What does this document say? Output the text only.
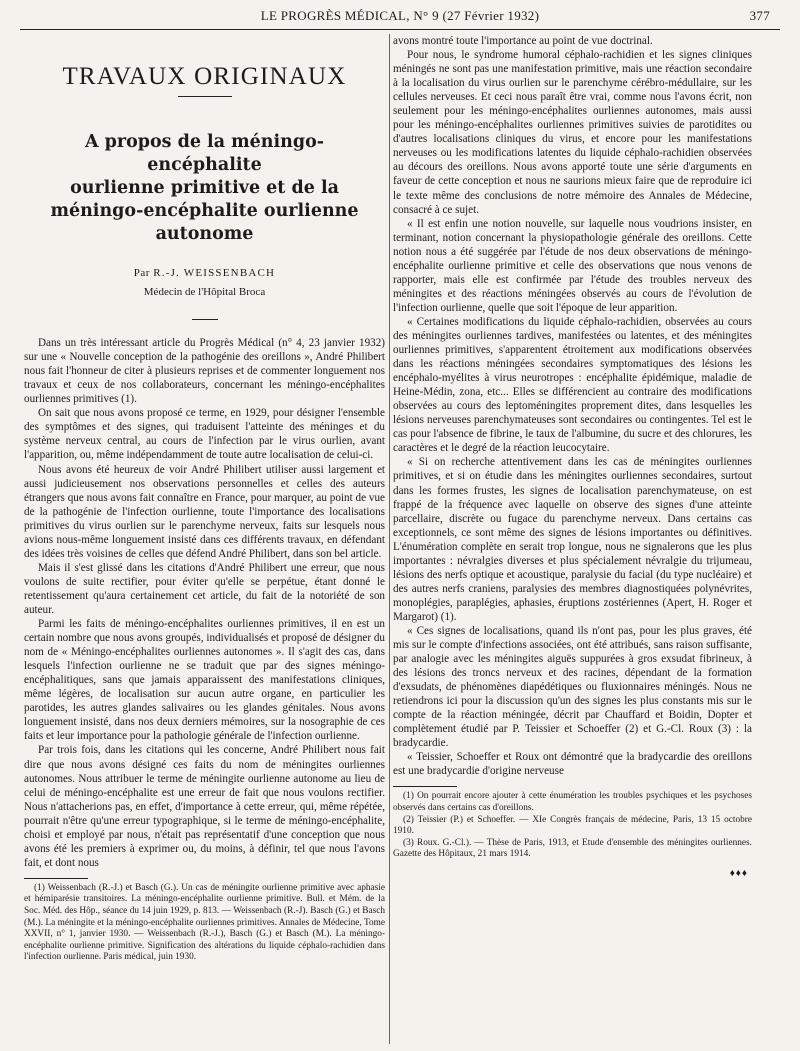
LE PROGRÈS MÉDICAL, N° 9 (27 Février 1932)	377
TRAVAUX ORIGINAUX
A propos de la méningo-encéphalite
ourlienne primitive et de la
méningo-encéphalite ourlienne autonome
Par R.-J. WEISSENBACH
Médecin de l'Hôpital Broca

Dans un très intéressant article du Progrès Médical (n° 4, 23 janvier 1932) sur une « Nouvelle conception de la pathogénie des oreillons », André Philibert nous fait l'honneur de citer à plusieurs reprises et de commenter longuement nos travaux et ceux de nos collaborateurs, concernant les méningo-encéphalites ourliennes primitives (1).

On sait que nous avons proposé ce terme, en 1929, pour désigner l'ensemble des symptômes et des signes, qui traduisent l'atteinte des méninges et du système nerveux central, au cours de l'infection par le virus ourlien, avant l'apparition, ou, même indépendamment de toute autre localisation de celui-ci.

Nous avons été heureux de voir André Philibert utiliser aussi largement et aussi judicieusement nos observations personnelles et celles des auteurs étrangers que nous avons fait connaître en France, pour marquer, au point de vue de la pathogénie de l'infection ourlienne, toute l'importance des localisations primitives du virus ourlien sur le parenchyme nerveux, faits sur lesquels nous avions nous-même longuement insisté dans ces différents travaux, en défendant des idées très voisines de celles que défend André Philibert, dans son bel article.

Mais il s'est glissé dans les citations d'André Philibert une erreur, que nous voulons de suite rectifier, pour éviter qu'elle se perpétue, étant donné le retentissement qu'aura certainement cet article, du fait de la notoriété de son auteur.

Parmi les faits de méningo-encéphalites ourliennes primitives, il en est un certain nombre que nous avons groupés, individualisés et proposé de désigner du nom de « Méningo-encéphalites ourliennes autonomes ». Il s'agit des cas, dans lesquels l'infection ourlienne ne se traduit que par des signes méningo-encéphalitiques, sans que jamais apparaissent des manifestations cliniques, même légères, de localisation sur aucun autre organe, en particulier les parotides, les autres glandes salivaires ou les glandes génitales. Nous avons longuement insisté, dans nos deux derniers mémoires, sur la nosographie de ces faits et leur importance pour la pathologie générale de l'infection ourlienne.

Par trois fois, dans les citations qui les concerne, André Philibert nous fait dire que nous avons désigné ces faits du nom de méningites ourliennes autonomes. Nous attribuer le terme de méningite ourlienne autonome au lieu de celui de méningo-encéphalite est une erreur de fait que nous voulons rectifier. Nous n'attacherions pas, en effet, d'importance à cette erreur, qui, même répétée, pourrait n'être qu'une erreur typographique, si le terme de méningo-encéphalite, choisi et employé par nous, n'était pas représentatif d'une conception que nous avons été les premiers à exprimer ou, du moins, à définir, tel que nous l'avons fait, et dont nous

(1) Weissenbach (R.-J.) et Basch (G.). Un cas de méningite ourlienne primitive avec aphasie et hémiparésie transitoires. La méningo-encéphalite ourlienne primitive. Bull. et Mém. de la Soc. Méd. des Hôp., séance du 14 juin 1929, p. 813. — Weissenbach (R.-J). Basch (G.) et Basch (M.). La méningite et la méningo-encéphalite ourliennes primitives. Annales de Médecine, Tome XXVII, n° 1, janvier 1930. — Weissenbach (R.-J.), Basch (G.) et Basch (M.). La méningo-encéphalite ourlienne primitive. Signification des altérations du liquide céphalo-rachidien dans l'infection ourlienne. Paris médical, juin 1930.

avons montré toute l'importance au point de vue doctrinal.

Pour nous, le syndrome humoral céphalo-rachidien et les signes cliniques méningés ne sont pas une manifestation primitive, mais une réaction secondaire à la localisation du virus ourlien sur le parenchyme cérébro-médullaire, sur les cellules nerveuses. Et ceci nous paraît être vrai, comme nous l'avons écrit, non seulement pour les méningo-encéphalites ourliennes autonomes, mais aussi pour les méningo-encéphalites ourliennes primitives suivies de parotidites ou d'autres localisations cliniques du virus, et encore pour les manifestations nerveuses ou les modifications latentes du liquide céphalo-rachidien observées au décours des oreillons. Nous avons apporté toute une série d'arguments en faveur de cette conception et nous ne saurions mieux faire que de reproduire ici le texte même des conclusions de notre mémoire des Annales de Médecine, consacré à ce sujet.

« Il est enfin une notion nouvelle, sur laquelle nous voudrions insister, en terminant, notion concernant la physiopathologie générale des oreillons. Cette notion nous a été suggérée par l'étude de nos deux observations de méningo-encéphalite ourlienne primitive et celle des observations que nous venons de rapporter, mais elle est confirmée par l'étude des troubles nerveux des méningites et des réactions méningées observés au cours de l'évolution de l'infection ourlienne, quelle que soit l'époque de leur apparition.

« Certaines modifications du liquide céphalo-rachidien, observées au cours des méningites ourliennes tardives, manifestées ou latentes, et des méningites ourliennes primitives, s'apparentent étroitement aux modifications observées dans les réactions méningées secondaires symptomatiques des lésions les encéphalo-myélites à virus neurotropes : encéphalite épidémique, maladie de Heine-Médin, zona, etc... Elles se différencient au contraire des modifications observées au cours des leptoméningites proprement dites, dans lesquelles les lésions nerveuses parenchymateuses sont secondaires ou contingentes. Tel est le cas pour l'absence de fibrine, le taux de l'albumine, du sucre et des chlorures, les caractères et le degré de la réaction leucocytaire.

« Si on recherche attentivement dans les cas de méningites ourliennes primitives, et si on étudie dans les méningites ourliennes secondaires, surtout dans les formes frustes, les signes de localisation parenchymateuse, on est frappé de la fréquence avec laquelle on observe des signes d'une atteinte parcellaire, discrète ou fugace du parenchyme nerveux. Dans certains cas exceptionnels, ce sont même des signes de lésions importantes ou définitives. L'énumération complète en serait trop longue, nous ne signalerons que les plus importantes : névralgies diverses et plus spécialement névralgie du trijumeau, lésions des nerfs optique et acoustique, paralysie du facial (du type nucléaire) et des autres nerfs craniens, paralysies des membres diagnostiquées polynévrites, monoplégies, paraplégies, aphasies, éruptions zostériennes (Apert, H. Roger et Margarot) (1).

« Ces signes de localisations, quand ils n'ont pas, pour les plus graves, été mis sur le compte d'infections associées, ont été attribués, sans raison suffisante, par analogie avec les méningites aiguës suppurées à gros exsudat fibrineux, à des lésions des troncs nerveux et des racines, dépendant de la formation d'exsudats, de phénomènes diapédétiques ou fluxionnaires méningés. Nous ne retiendrons ici pour la discussion qu'un des signes les plus constants mis sur le compte de la réaction méningée, décrit par Chauffard et Boidin, Dopter et complètement étudié par P. Teissier et Schoeffer (2) et G.-Cl. Roux (3) : la bradycardie.

« Teissier, Schoeffer et Roux ont démontré que la bradycardie des oreillons est une bradycardie d'origine nerveuse

(1) On pourrait encore ajouter à cette énumération les troubles psychiques et les psychoses observés dans certains cas d'oreillons.
(2) Teissier (P.) et Schoeffer. — XIe Congrès français de médecine, Paris, 13 15 octobre 1910.
(3) Roux. G.-Cl.). — Thèse de Paris, 1913, et Etude d'ensemble des méningites ourliennes. Gazette des Hôpitaux, 21 mars 1914.
♦♦♦
